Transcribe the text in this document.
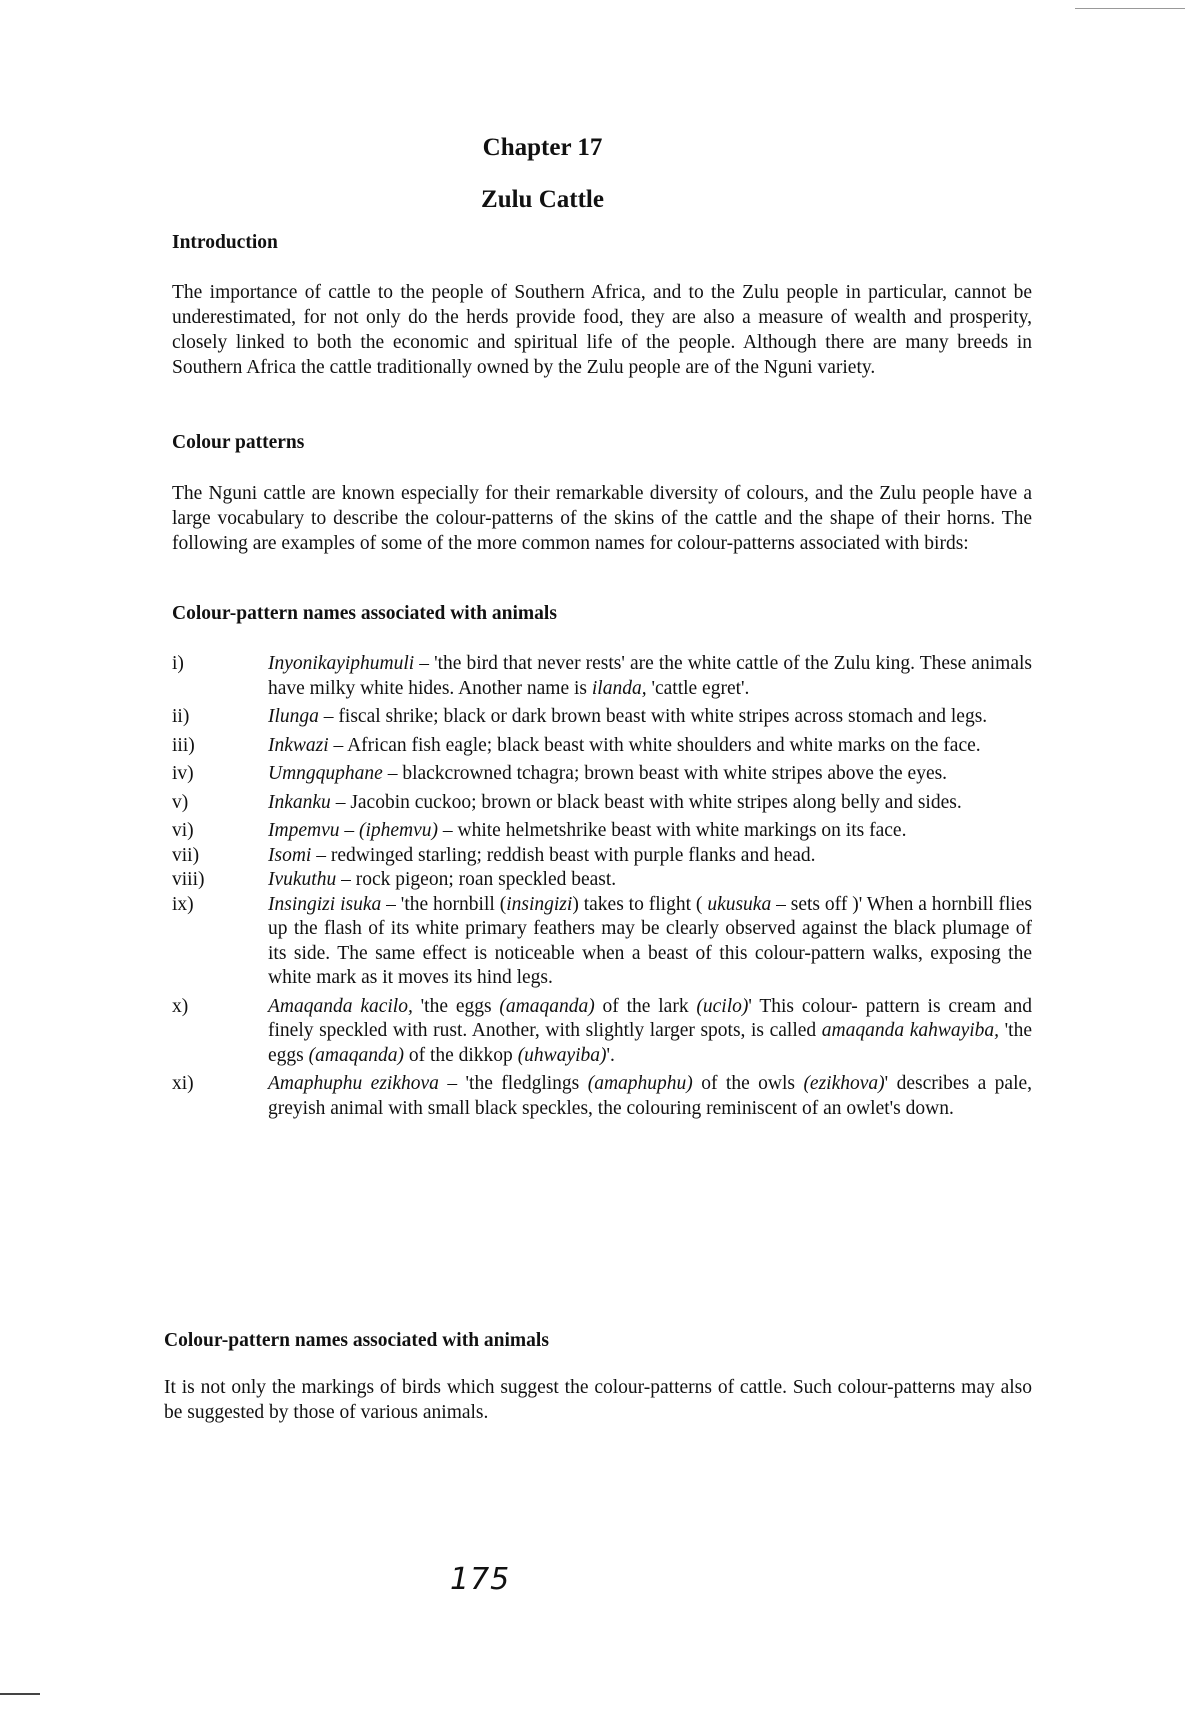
Chapter 17
Zulu Cattle
Introduction
The importance of cattle to the people of Southern Africa, and to the Zulu people in particular, cannot be underestimated, for not only do the herds provide food, they are also a measure of wealth and prosperity, closely linked to both the economic and spiritual life of the people. Although there are many breeds in Southern Africa the cattle traditionally owned by the Zulu people are of the Nguni variety.
Colour patterns
The Nguni cattle are known especially for their remarkable diversity of colours, and the Zulu people have a large vocabulary to describe the colour-patterns of the skins of the cattle and the shape of their horns. The following are examples of some of the more common names for colour-patterns associated with birds:
Colour-pattern names associated with animals
i)	Inyonikayiphumuli – 'the bird that never rests' are the white cattle of the Zulu king. These animals have milky white hides. Another name is ilanda, 'cattle egret'.
ii)	Ilunga – fiscal shrike; black or dark brown beast with white stripes across stomach and legs.
iii)	Inkwazi – African fish eagle; black beast with white shoulders and white marks on the face.
iv)	Umngquphane – blackcrowned tchagra; brown beast with white stripes above the eyes.
v)	Inkanku – Jacobin cuckoo; brown or black beast with white stripes along belly and sides.
vi)	Impemvu – (iphemvu) – white helmetshrike beast with white markings on its face.
vii)	Isomi – redwinged starling; reddish beast with purple flanks and head.
viii)	Ivukuthu – rock pigeon; roan speckled beast.
ix)	Insingizi isuka – 'the hornbill (insingizi) takes to flight ( ukusuka – sets off )' When a hornbill flies up the flash of its white primary feathers may be clearly observed against the black plumage of its side. The same effect is noticeable when a beast of this colour-pattern walks, exposing the white mark as it moves its hind legs.
x)	Amaqanda kacilo, 'the eggs (amaqanda) of the lark (ucilo)' This colour- pattern is cream and finely speckled with rust. Another, with slightly larger spots, is called amaqanda kahwayiba, 'the eggs (amaqanda) of the dikkop (uhwayiba)'.
xi)	Amaphuphu ezikhova – 'the fledglings (amaphuphu) of the owls (ezikhova)' describes a pale, greyish animal with small black speckles, the colouring reminiscent of an owlet's down.
Colour-pattern names associated with animals
It is not only the markings of birds which suggest the colour-patterns of cattle. Such colour-patterns may also be suggested by those of various animals.
175
